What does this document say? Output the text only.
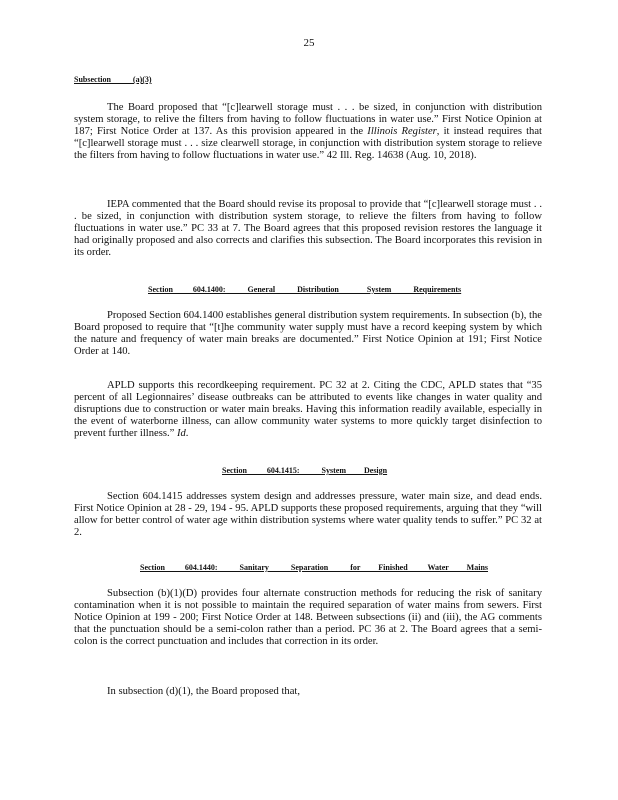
25
Subsection           (a)(3)
The Board proposed that “[c]learwell storage must . . . be sized, in conjunction with distribution system storage, to relive the filters from having to follow fluctuations in water use.” First Notice Opinion at 187; First Notice Order at 137. As this provision appeared in the Illinois Register, it instead requires that “[c]learwell storage must . . . size clearwell storage, in conjunction with distribution system storage to relieve the filters from having to follow fluctuations in water use.” 42 Ill. Reg. 14638 (Aug. 10, 2018).
IEPA commented that the Board should revise its proposal to provide that “[c]learwell storage must . . . be sized, in conjunction with distribution system storage, to relieve the filters from having to follow fluctuations in water use.” PC 33 at 7. The Board agrees that this proposed revision restores the language it had originally proposed and also corrects and clarifies this subsection. The Board incorporates this revision in its order.
Section          604.1400:           General           Distribution              System           Requirements
Proposed Section 604.1400 establishes general distribution system requirements. In subsection (b), the Board proposed to require that “[t]he community water supply must have a record keeping system by which the nature and frequency of water main breaks are documented.” First Notice Opinion at 191; First Notice Order at 140.
APLD supports this recordkeeping requirement. PC 32 at 2. Citing the CDC, APLD states that “35 percent of all Legionnaires’ disease outbreaks can be attributed to events like changes in water quality and disruptions due to construction or water main breaks. Having this information readily available, especially in the event of waterborne illness, can allow community water systems to more quickly target disinfection to prevent further illness.” Id.
Section          604.1415:           System         Design
Section 604.1415 addresses system design and addresses pressure, water main size, and dead ends. First Notice Opinion at 28 - 29, 194 - 95. APLD supports these proposed requirements, arguing that they “will allow for better control of water age within distribution systems where water quality tends to suffer.” PC 32 at 2.
Section          604.1440:           Sanitary           Separation           for         Finished          Water         Mains
Subsection (b)(1)(D) provides four alternate construction methods for reducing the risk of sanitary contamination when it is not possible to maintain the required separation of water mains from sewers. First Notice Opinion at 199 - 200; First Notice Order at 148. Between subsections (ii) and (iii), the AG comments that the punctuation should be a semi-colon rather than a period. PC 36 at 2. The Board agrees that a semi-colon is the correct punctuation and includes that correction in its order.
In subsection (d)(1), the Board proposed that,
